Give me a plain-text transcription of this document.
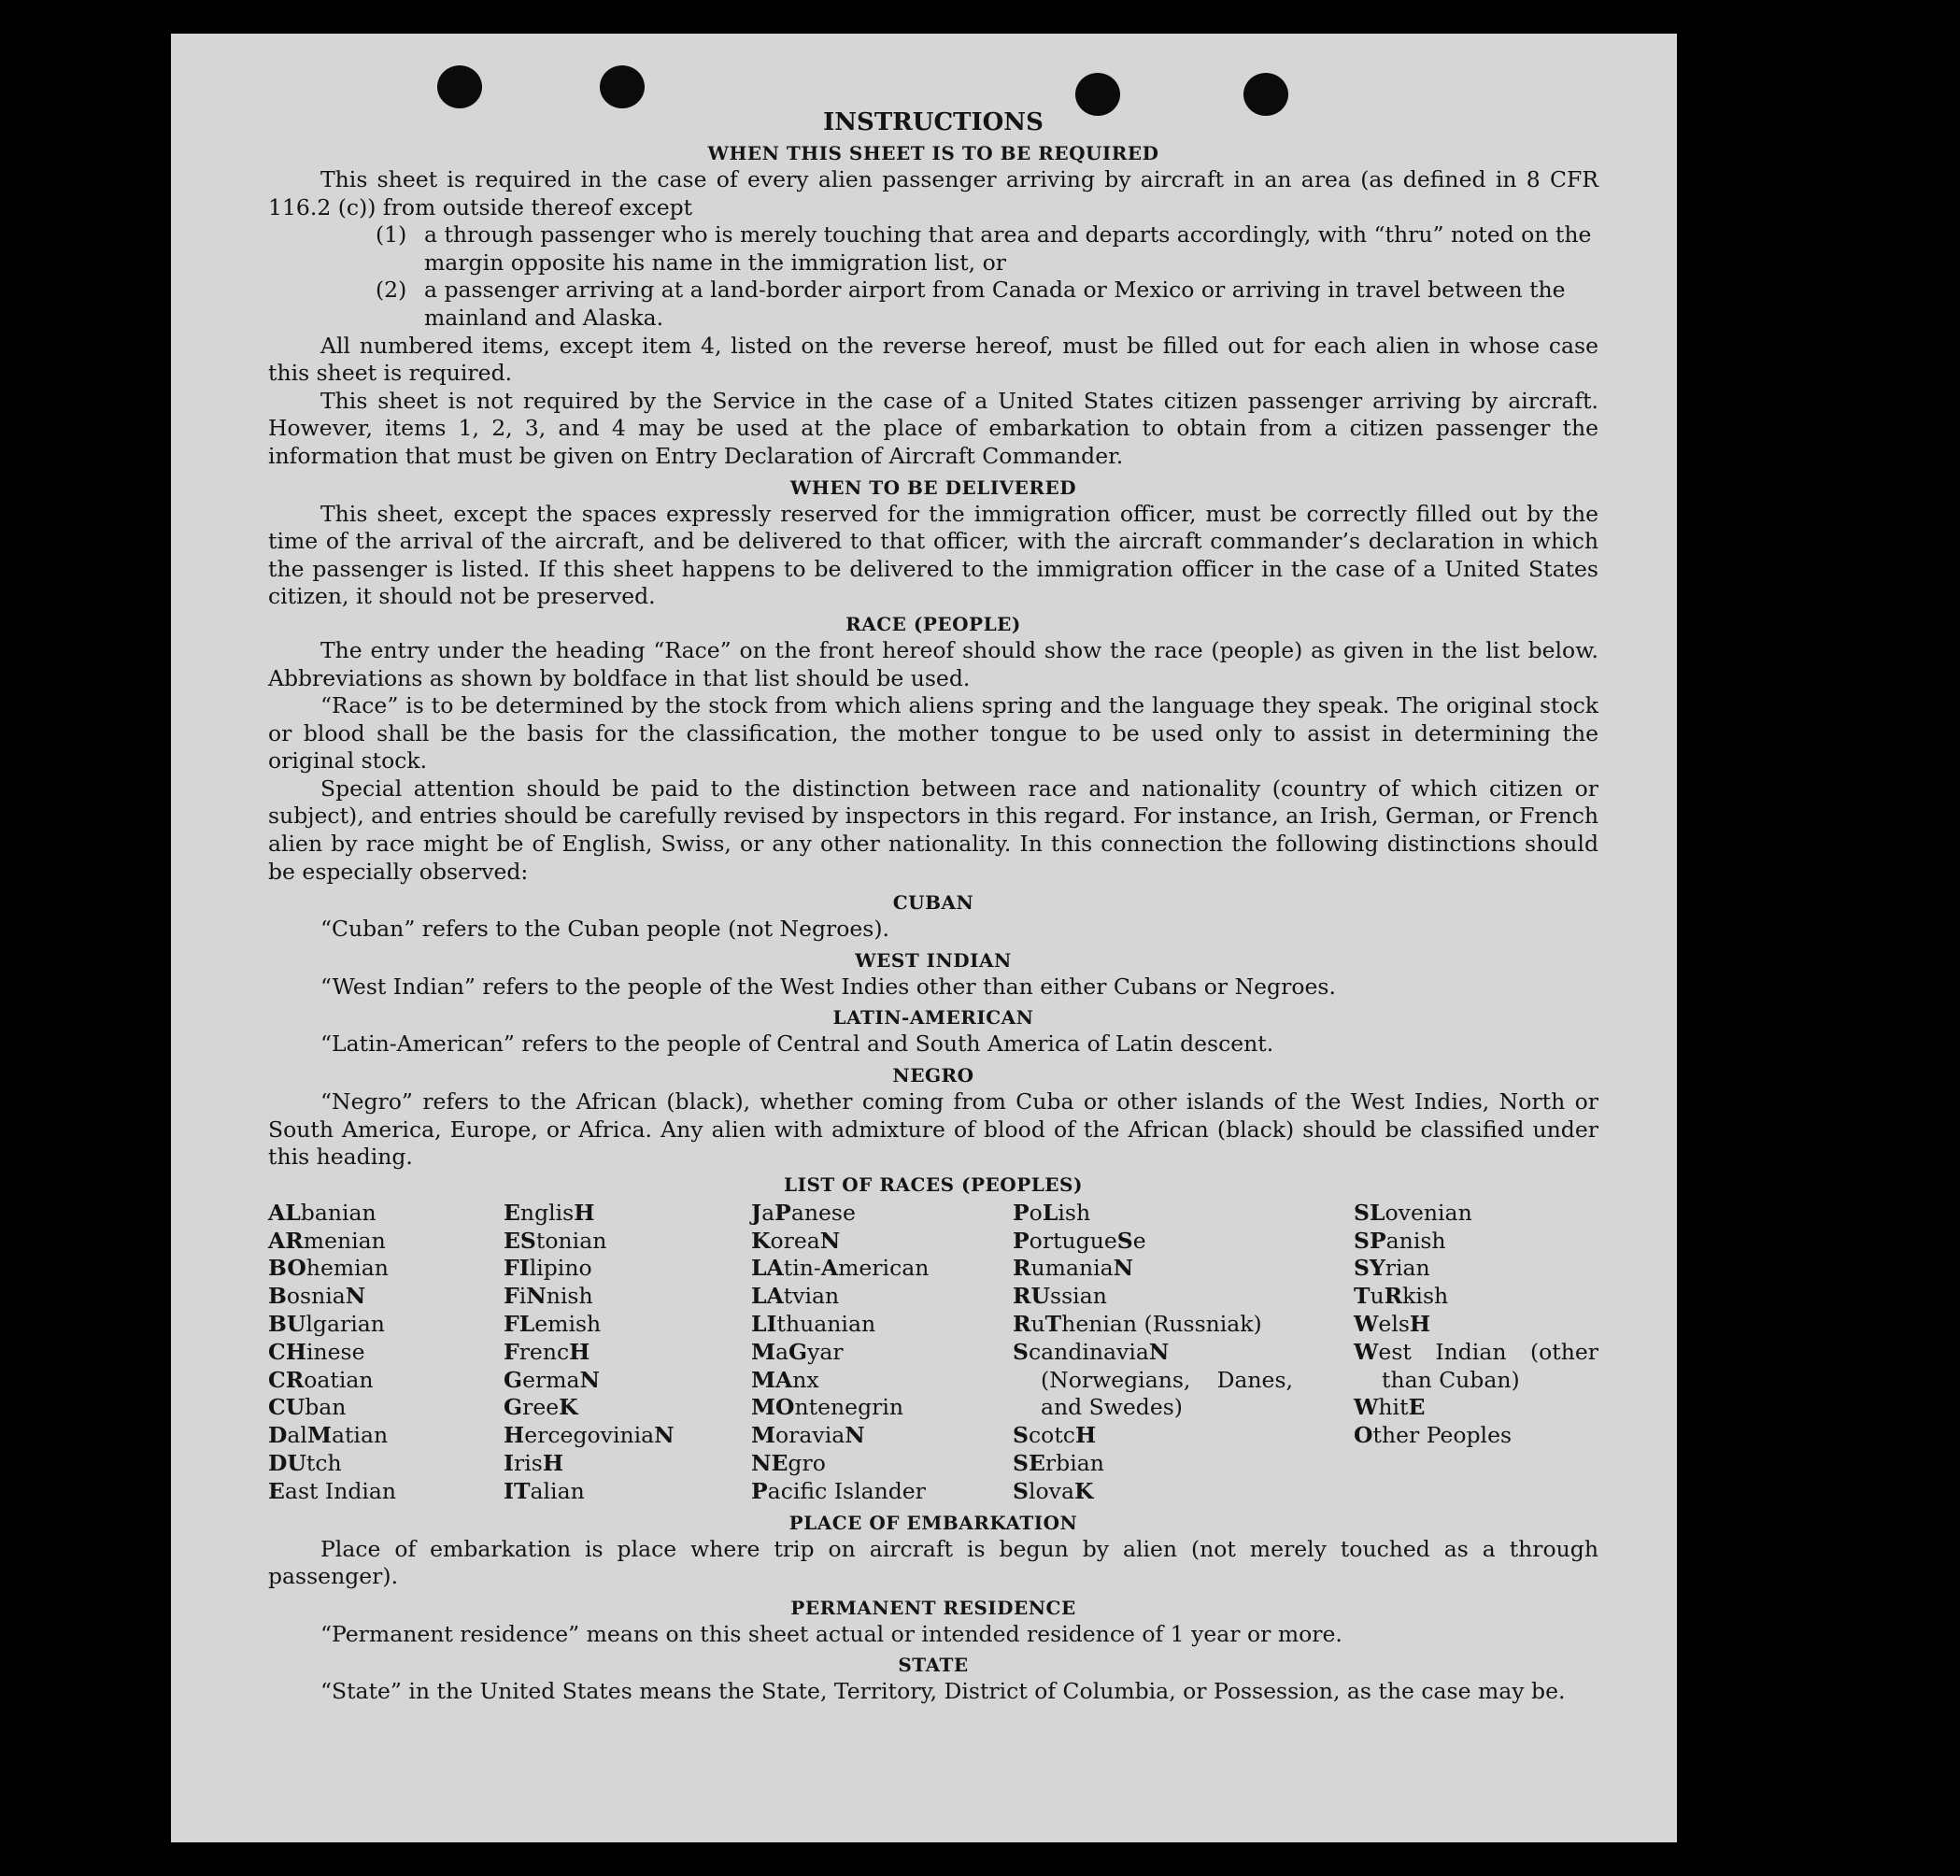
INSTRUCTIONS
WHEN THIS SHEET IS TO BE REQUIRED
This sheet is required in the case of every alien passenger arriving by aircraft in an area (as defined in 8 CFR 116.2 (c)) from outside thereof except
(1) a through passenger who is merely touching that area and departs accordingly, with “thru” noted on the margin opposite his name in the immigration list, or
(2) a passenger arriving at a land-border airport from Canada or Mexico or arriving in travel between the mainland and Alaska.
All numbered items, except item 4, listed on the reverse hereof, must be filled out for each alien in whose case this sheet is required.
This sheet is not required by the Service in the case of a United States citizen passenger arriving by aircraft. However, items 1, 2, 3, and 4 may be used at the place of embarkation to obtain from a citizen passenger the information that must be given on Entry Declaration of Aircraft Commander.
WHEN TO BE DELIVERED
This sheet, except the spaces expressly reserved for the immigration officer, must be correctly filled out by the time of the arrival of the aircraft, and be delivered to that officer, with the aircraft commander’s declaration in which the passenger is listed. If this sheet happens to be delivered to the immigration officer in the case of a United States citizen, it should not be preserved.
RACE (PEOPLE)
The entry under the heading “Race” on the front hereof should show the race (people) as given in the list below. Abbreviations as shown by boldface in that list should be used.
“Race” is to be determined by the stock from which aliens spring and the language they speak. The original stock or blood shall be the basis for the classification, the mother tongue to be used only to assist in determining the original stock.
Special attention should be paid to the distinction between race and nationality (country of which citizen or subject), and entries should be carefully revised by inspectors in this regard. For instance, an Irish, German, or French alien by race might be of English, Swiss, or any other nationality. In this connection the following distinctions should be especially observed:
CUBAN
“Cuban” refers to the Cuban people (not Negroes).
WEST INDIAN
“West Indian” refers to the people of the West Indies other than either Cubans or Negroes.
LATIN-AMERICAN
“Latin-American” refers to the people of Central and South America of Latin descent.
NEGRO
“Negro” refers to the African (black), whether coming from Cuba or other islands of the West Indies, North or South America, Europe, or Africa. Any alien with admixture of blood of the African (black) should be classified under this heading.
LIST OF RACES (PEOPLES)
ALbanian
ARmenian
BOhemian
BosniaN
BUlgarian
CHinese
CRoatian
CUban
DalMatian
DUtch
East Indian
EnglisH
EStonian
FIlipino
FiNnish
FLemish
FrencH
GermaN
GreeK
HercegoviniaN
IrisH
ITalian
JaPanese
KoreaN
LAtin-American
LAtvian
LIthuanian
MaGyar
MAnx
MOntenegrin
MoraviaN
NEgro
Pacifc Islander
PoLish
PortugueSe
RumaniaN
RUssian
RuThenian (Russniak)
ScandinaviaN (Norwegians, Danes, and Swedes)
ScotcH
SErbian
SlovaK
SLovenian
SPanish
SYrian
TuRkish
WelsH
West Indian (other than Cuban)
WhitE
Other Peoples
PLACE OF EMBARKATION
Place of embarkation is place where trip on aircraft is begun by alien (not merely touched as a through passenger).
PERMANENT RESIDENCE
“Permanent residence” means on this sheet actual or intended residence of 1 year or more.
STATE
“State” in the United States means the State, Territory, District of Columbia, or Possession, as the case may be.
